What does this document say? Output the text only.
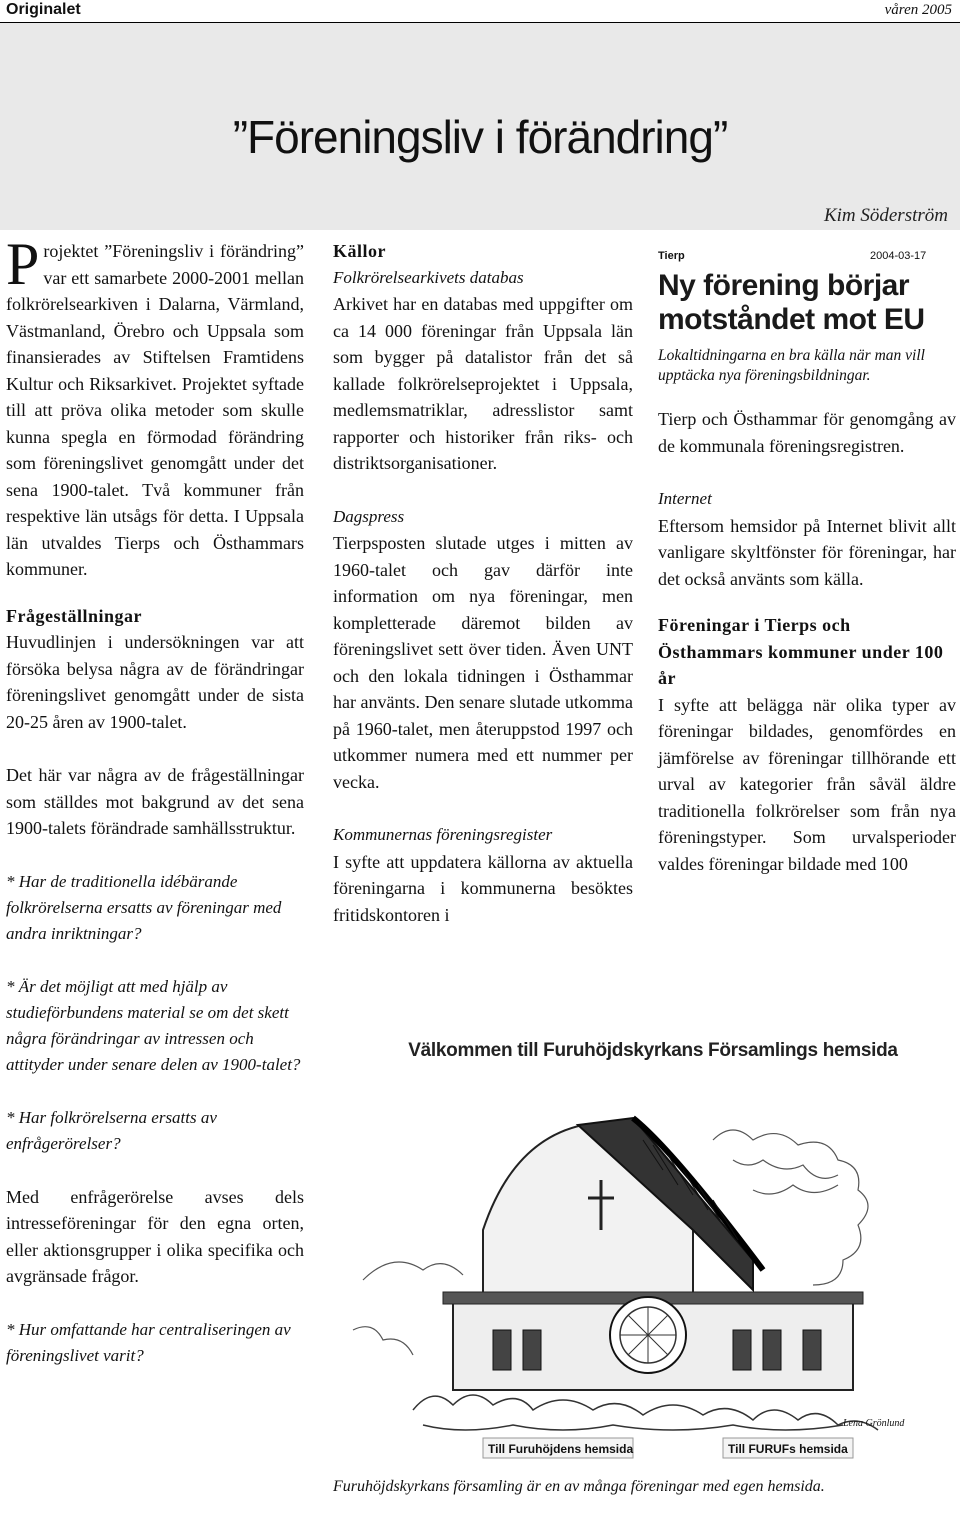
Originalet	våren 2005
”Föreningsliv i förändring”
Kim Söderström

Projektet ”Föreningsliv i förändring” var ett samarbete 2000-2001 mellan folkrörelsearkiven i Dalarna, Värmland, Västmanland, Örebro och Uppsala som finansierades av Stiftelsen Framtidens Kultur och Riksarkivet. Projektet syftade till att pröva olika metoder som skulle kunna spegla en förmodad förändring som föreningslivet genomgått under det sena 1900-talet. Två kommuner från respektive län utsågs för detta. I Uppsala län utvaldes Tierps och Östhammars kommuner.

Frågeställningar

Huvudlinjen i undersökningen var att försöka belysa några av de förändringar föreningslivet genomgått under de sista 20-25 åren av 1900-talet.

Det här var några av de frågeställningar som ställdes mot bakgrund av det sena 1900-talets förändrade samhällsstruktur.

* Har de traditionella idébärande folkrörelserna ersatts av föreningar med andra inriktningar?

* Är det möjligt att med hjälp av studieförbundens material se om det skett några förändringar av intressen och attityder under senare delen av 1900-talet?

* Har folkrörelserna ersatts av enfrågerörelser?

Med enfrågerörelse avses dels intresseföreningar för den egna orten, eller aktionsgrupper i olika specifika och avgränsade frågor.

* Hur omfattande har centraliseringen av föreningslivet varit?

Källor

Folkrörelsearkivets databas

Arkivet har en databas med uppgifter om ca 14 000 föreningar från Uppsala län som bygger på datalistor från det så kallade folkrörelseprojektet i Uppsala, medlemsmatriklar, adresslistor samt rapporter och historiker från riks- och distriktsorganisationer.

Dagspress

Tierpsposten slutade utges i mitten av 1960-talet och gav därför inte information om nya föreningar, men kompletterade däremot bilden av föreningslivet sett över tiden. Även UNT och den lokala tidningen i Östhammar har använts. Den senare slutade utkomma på 1960-talet, men återuppstod 1997 och utkommer numera med ett nummer per vecka.

Kommunernas föreningsregister

I syfte att uppdatera källorna av aktuella föreningarna i kommunerna besöktes fritidskontoren i

Tierp	2004-03-17
Ny förening börjar
motståndet mot EU

Lokaltidningarna en bra källa när man vill upptäcka nya föreningsbildningar.

Tierp och Östhammar för genomgång av de kommunala föreningsregistren.

Internet

Eftersom hemsidor på Internet blivit allt vanligare skyltfönster för föreningar, har det också använts som källa.

Föreningar i Tierps och Östhammars kommuner under 100 år

I syfte att belägga när olika typer av föreningar bildades, genomfördes en jämförelse av föreningar tillhörande ett urval av kategorier från såväl äldre traditionella folkrörelser som från nya föreningstyper. Som urvalsperioder valdes föreningar bildade med 100

Välkommen till Furuhöjdskyrkans Församlings hemsida
Lena Grönlund
Till Furuhöjdens hemsida	Till FURUFs hemsida
Furuhöjdskyrkans församling är en av många föreningar med egen hemsida.
